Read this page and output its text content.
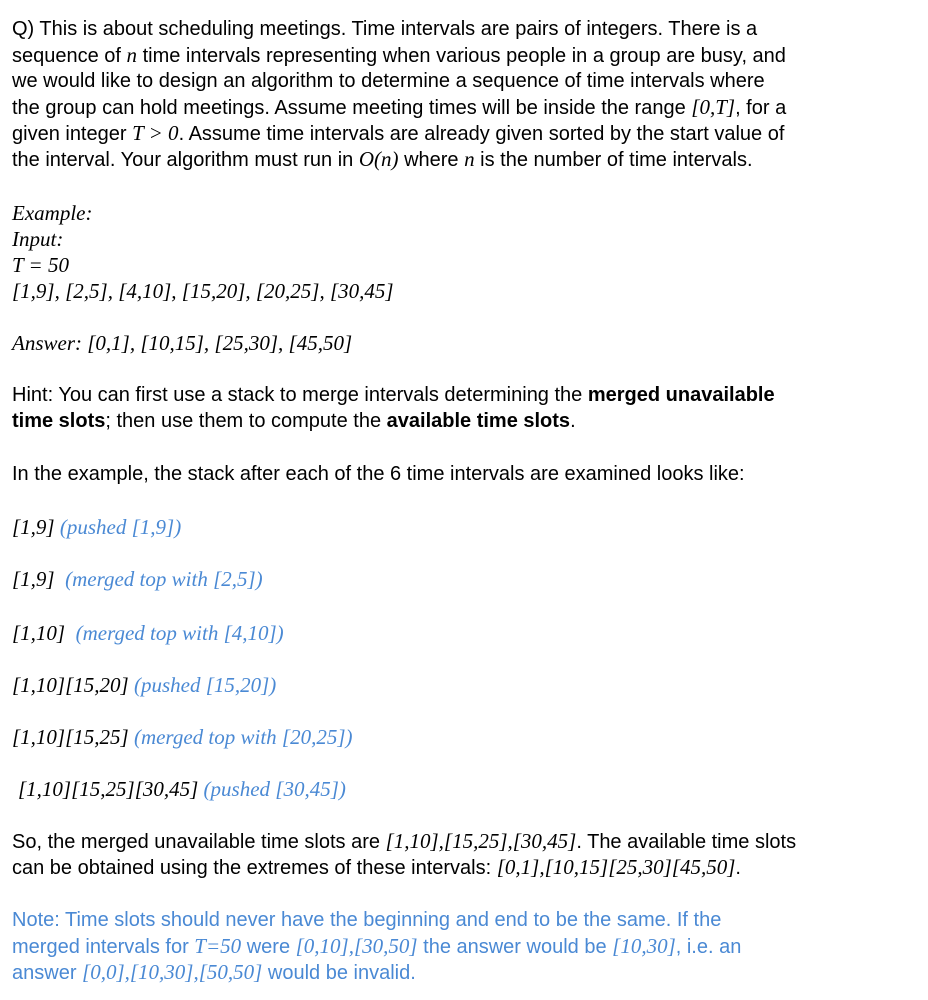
Q) This is about scheduling meetings. Time intervals are pairs of integers. There is a
sequence of n time intervals representing when various people in a group are busy, and
we would like to design an algorithm to determine a sequence of time intervals where
the group can hold meetings. Assume meeting times will be inside the range [0,T], for a
given integer T > 0. Assume time intervals are already given sorted by the start value of
the interval. Your algorithm must run in O(n) where n is the number of time intervals.
Example:
Input:
T = 50
[1,9], [2,5], [4,10], [15,20], [20,25], [30,45]
Answer: [0,1], [10,15], [25,30], [45,50]
Hint: You can first use a stack to merge intervals determining the merged unavailable
time slots; then use them to compute the available time slots.
In the example, the stack after each of the 6 time intervals are examined looks like:
[1,9] (pushed [1,9])
[1,9] (merged top with [2,5])
[1,10] (merged top with [4,10])
[1,10][15,20] (pushed [15,20])
[1,10][15,25] (merged top with [20,25])
[1,10][15,25][30,45] (pushed [30,45])
So, the merged unavailable time slots are [1,10],[15,25],[30,45]. The available time slots
can be obtained using the extremes of these intervals: [0,1],[10,15][25,30][45,50].
Note: Time slots should never have the beginning and end to be the same. If the
merged intervals for T=50 were [0,10],[30,50] the answer would be [10,30], i.e. an
answer [0,0],[10,30],[50,50] would be invalid.
